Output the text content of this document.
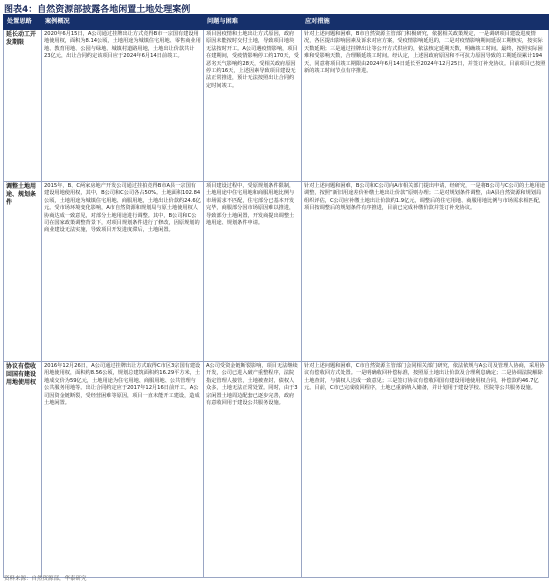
图表4：自然资源部披露各地闲置土地处理案例
处置思路	案例概况	问题与困难	应对措施
延长动工开发期限	2020年6月15日，A公司通过挂牌出让方式竞得B市一宗国有建设用地使用权，面积为8.14公顷，土地用途为城镇住宅用地、零售商业用地、教育用地、公园与绿地、城镇村道路用地，土地出让价款共计23亿元，出让合同约定该项目应于2024年6月14日前竣工。	项目因疫情和土地出让方式原因，政府原因未能按时交付土地，导致项目地块无法按时开工。A公司遇疫情影响，项目在建期间，受疫情影响停工约170天，受恶劣天气影响约28天，受相关政府原因停工约16天，上述因素导致项目建设无法正常推进，预计无法按照出让合同约定时间竣工。	针对上述问题和困难，B市自然资源主管部门积极研究，依据相关政策规定，一是调研项目建设进度情况，各区提出影响因素及诉求对应方案，受疫情影响延迟的，二是对疫情影响期间延误工期核实，按实际天数延期；三是通过挂牌出让等公开方式供应的，依法核定延期天数，明确竣工时间。最终，按照实际困难和受影响天数，合理顺延竣工时间。经认定，上述因政府原因和不可抗力原因导致的工期延误累计194天，同意将项目竣工期限由2024年6月14日延长至2024年12月25日，并签订补充协议。目前项目已按照新的竣工时间节点有序推进。
调整土地用途、规划条件	2015年，B、C两家房地产开发公司通过挂拍竞得B市A县一宗国有建设用地使用权，其中，B公司和C公司各占50%。土地面积102.84公顷，土地用途为城镇住宅用地、商服用地，土地出让价款约24.6亿元。受市场环境变化影响，A市自然资源和规划局与原土地使用权人协商达成一致意见，对部分土地用途进行调整。其中，B公司和C公司在国家政策调整背景下，对项目规划条件进行了修改，因原规划的商业建设无法实施，导致项目开发进度滞后，土地闲置。	项目建设过程中，受原规划条件限制，土地用途中住宅用地和商服用地比例与市场需求不匹配，住宅部分已基本开发完毕，商服部分因市场原因难以推进，导致部分土地闲置，开发商提出调整土地用途、规划条件申请。	针对上述问题和困难，B公司和C公司向A市相关部门提出申请，经研究，一是将B公司与C公司的土地用途调整，按照“新旧用途差价补缴土地出让价款”原则办理；二是对规划条件调整，由A县自然资源和规划局组织评估，C公司应补缴土地出让价款约1.9亿元，调整后的住宅用地、商服用地比例与市场需求相匹配，项目按调整后的规划条件有序推进，目前已完成补缴价款并签订补充协议。
协议有偿收回国有建设用地使用权	2016年12月26日，A公司通过挂牌出让方式取得C市区3宗国有建设用地使用权，面积约8.56公顷，规划总建筑面积约16.29平方米，土地成交价为59亿元，土地用途为住宅用地、商服用地、公共管理与公共服务用地等。出让合同约定应于2017年12月16日前开工。A公司因资金链断裂，受经营困难等原因，项目一直未能开工建设，造成土地闲置。	A公司受资金链断裂影响，项目无法继续开发，公司已进入破产重整程序，法院指定管理人接管，土地被查封，债权人众多，土地无法正常处置。同时，由于3宗闲置土地周边配套已逐步完善，政府有意收回用于建设公共服务设施。	针对上述问题和困难，C市自然资源主管部门会同相关部门研究，依法依规与A公司及管理人协商，采用协议有偿收回方式处置。一是明确收回补偿标准，按照原土地出让价款及合理利息确定；二是协调法院解除土地查封，与债权人达成一致意见；三是签订协议有偿收回国有建设用地使用权合同，补偿款约46.7亿元。目前，C市已完成收回程序，土地已重新纳入储备，并计划用于建设学校、医院等公共服务设施。
资料来源：自然资源部，华泰研究
